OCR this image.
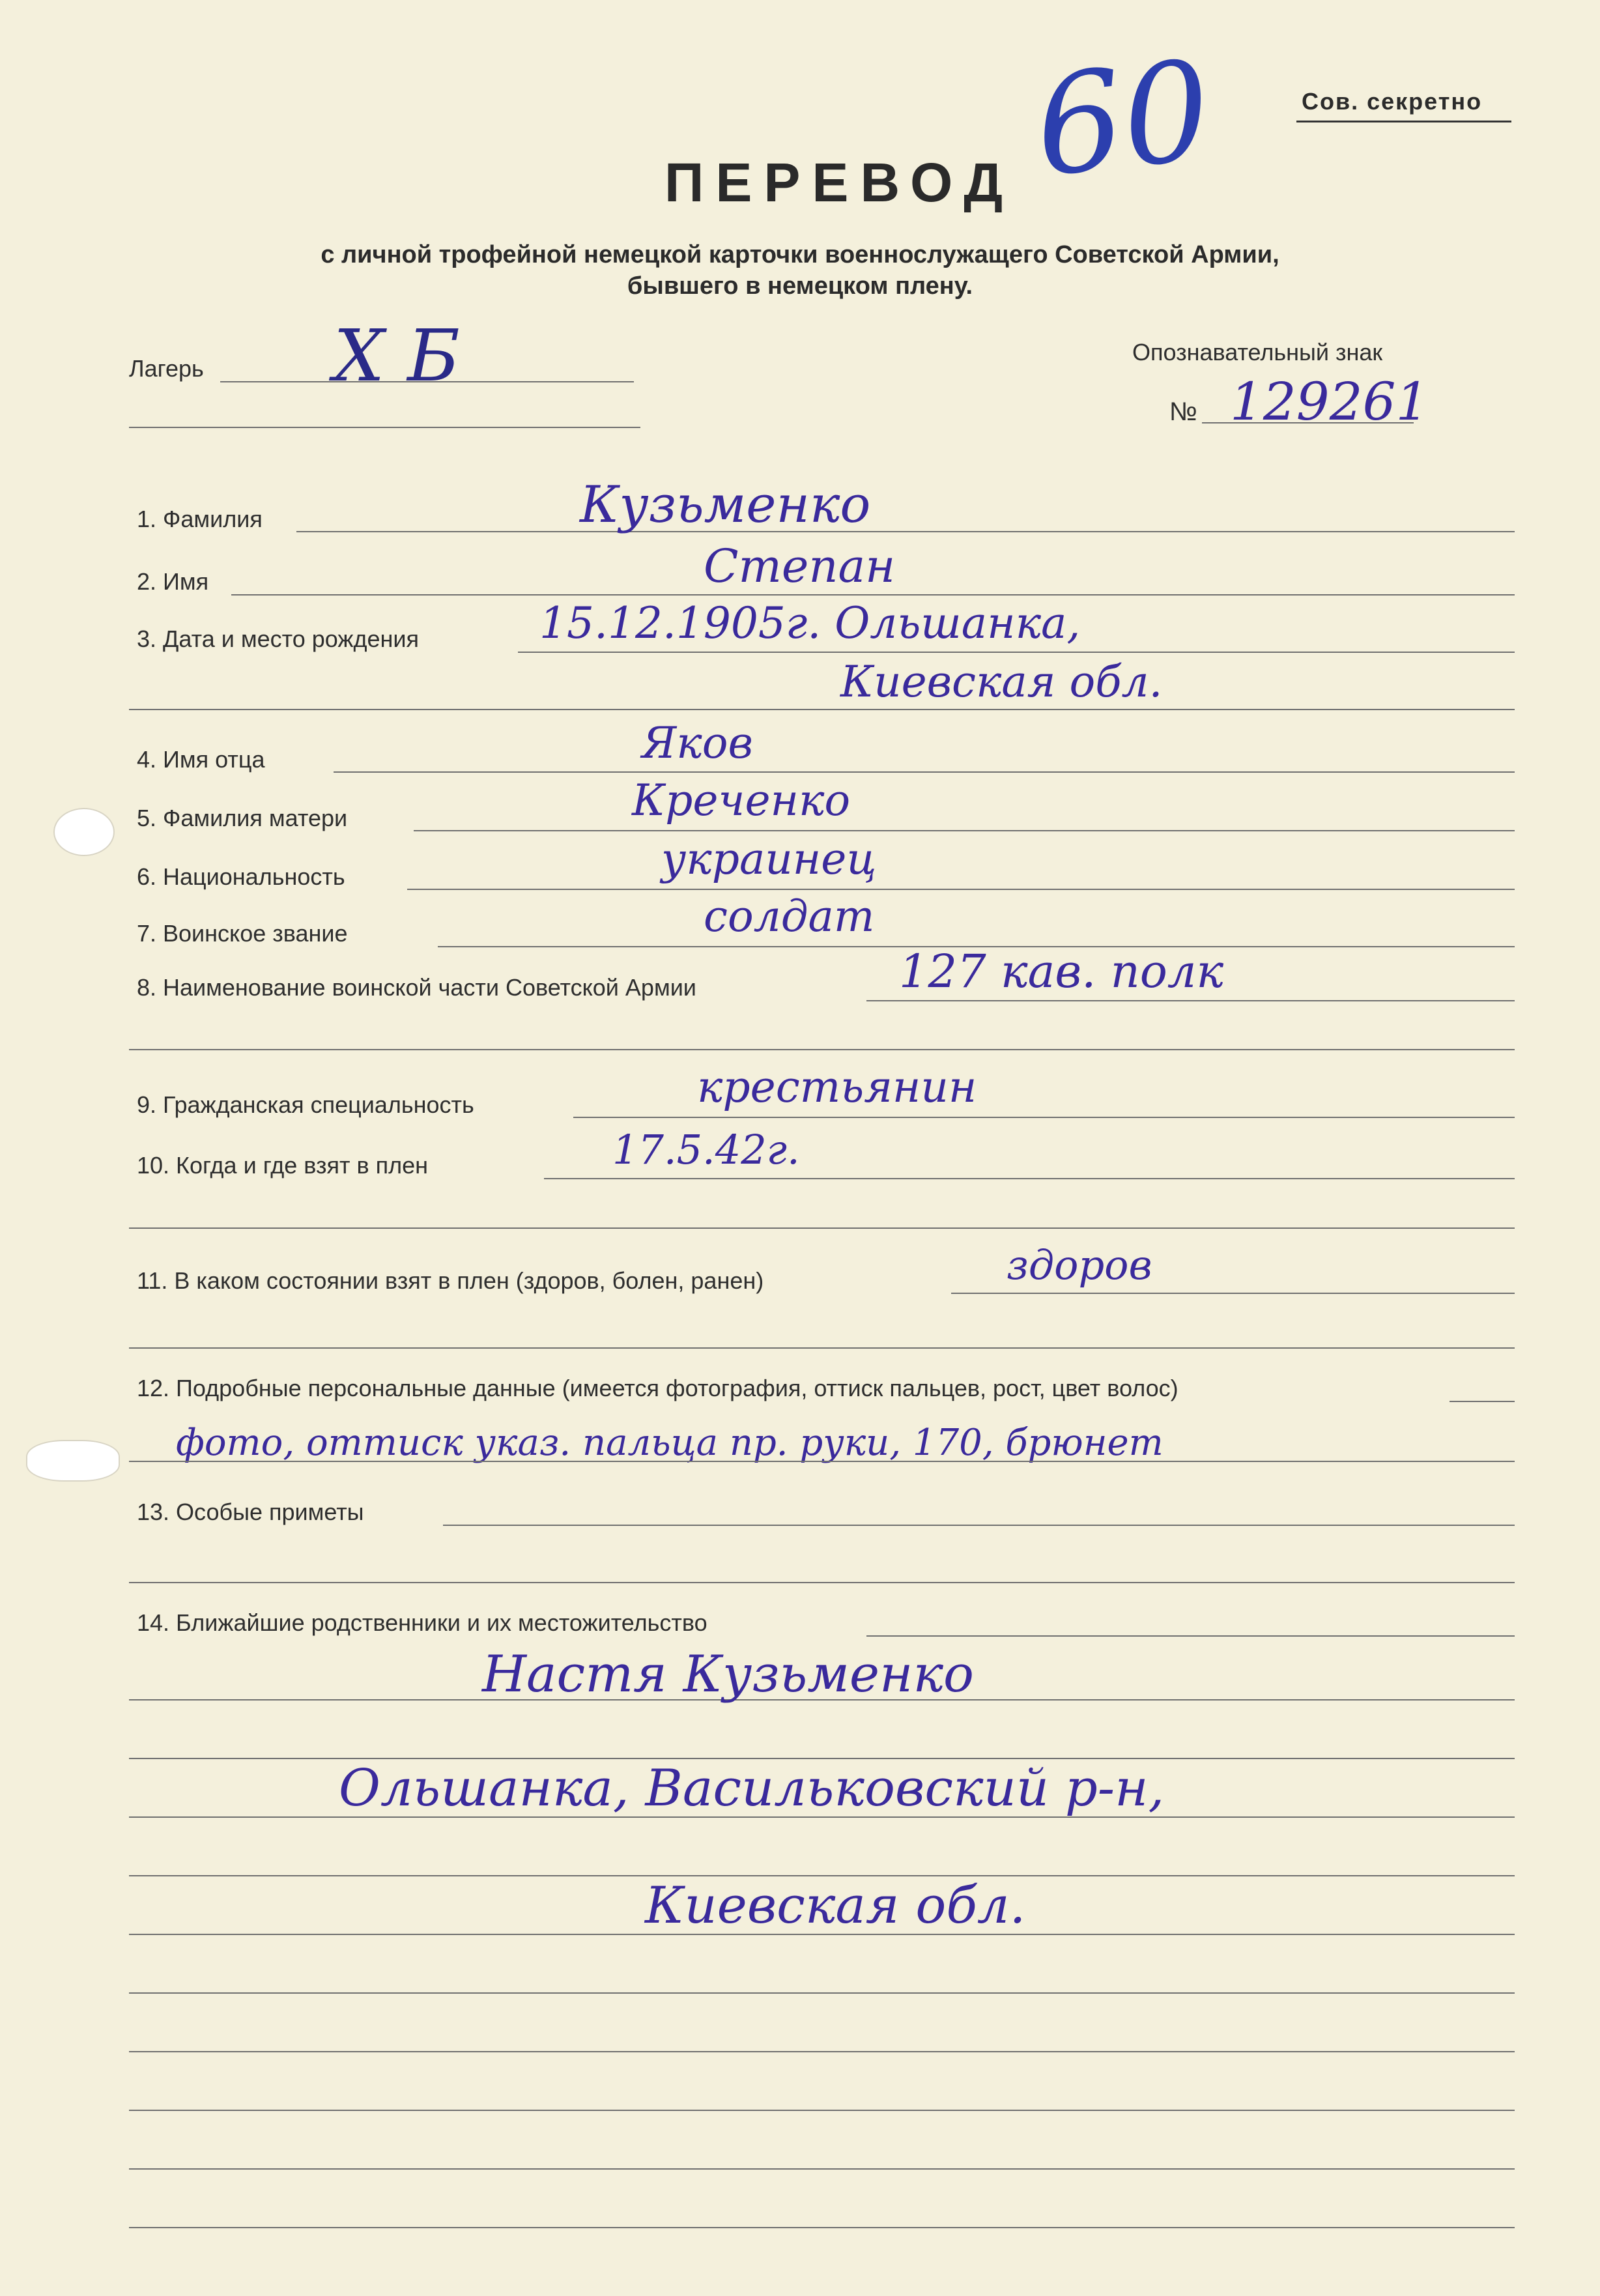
Сов. секретно
60
ПЕРЕВОД
с личной трофейной немецкой карточки военнослужащего Советской Армии,
бывшего в немецком плену.
Лагерь X Б	Опознавательный знак
№ 129261
1. Фамилия	Кузьменко
2. Имя	Степан
3. Дата и место рождения	15.12.1905г. Ольшанка,
Киевская обл.
4. Имя отца	Яков
5. Фамилия матери	Креченко
6. Национальность	украинец
7. Воинское звание	солдат
8. Наименование воинской части Советской Армии	127 кав. полк
9. Гражданская специальность	крестьянин
10. Когда и где взят в плен	17.5.42г.
11. В каком состоянии взят в плен (здоров, болен, ранен)	здоров
12. Подробные персональные данные (имеется фотография, оттиск пальцев, рост, цвет волос)
фото, оттиск указ. пальца пр. руки, 170, брюнет
13. Особые приметы
14. Ближайшие родственники и их местожительство
Настя Кузьменко
Ольшанка, Васильковский р-н,
Киевская обл.
